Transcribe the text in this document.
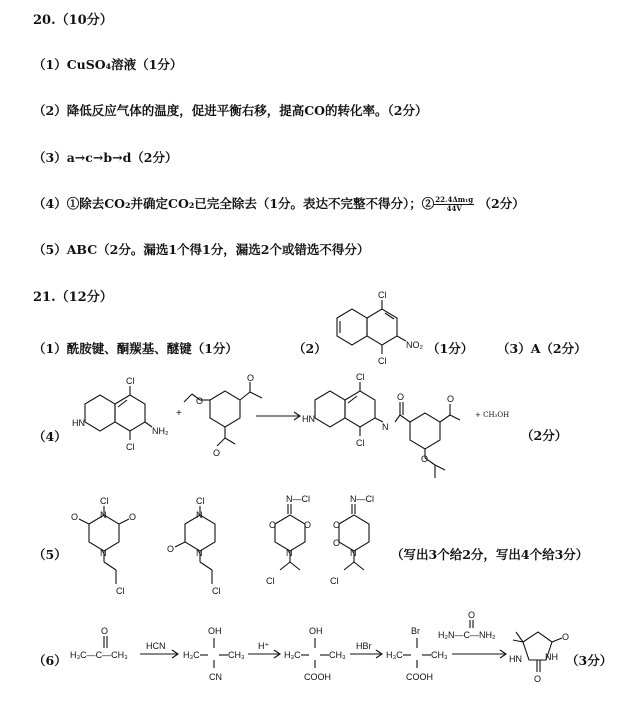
20.（10分）
（1）CuSO₄溶液（1分）
（2）降低反应气体的温度，促进平衡右移，提高CO的转化率。（2分）
（3）a→c→b→d（2分）
（4）①除去CO₂并确定CO₂已完全除去（1分。表达不完整不得分）；② $\frac{\text{22.4Δm₁g}}{44V} (2$分）
（5）ABC（2分。漏选1个得1分，漏选2个或错选不得分）
21.（12分）
（1）酰胺键、酮羰基、醚键（1分）	（2）
Cl
Cl
NO₂ （1分） （3）A（2分）
（4）
Cl
Cl
HN
NH₂
+
O
O
O
Cl
Cl
HN
N
O	O
O
+ CH₃OH
（2分）
（5）
Cl
N
N
O	O
Cl
Cl
N
N
O
Cl
N—Cl
O	O
N
Cl
N—Cl
O
O
N
Cl
（写出3个给2分，写出4个给3分）
（6）
O
H₃C—C—CH₃
HCN
H₃C
OH
CN
CH₃
H⁺
H₃C
OH
COOH
CH₃
HBr
H₃C
Br
COOH
CH₃
O
H₂N—C—NH₂	O
O
NH
HN	（3分）
